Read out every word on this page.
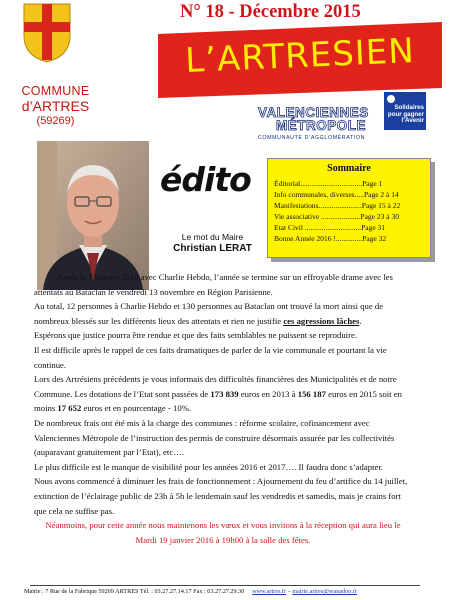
COMMUNE
d’ARTRES
(59269)
N° 18 - Décembre 2015
L’ARTRESIEN
VALENCIENNES
MÉTROPOLE
COMMUNAUTÉ D’AGGLOMÉRATION
Solidaires pour gagner l’Avenir
édito
Le mot du Maire
Christian LERAT
Sommaire
Éditorial.................................Page 1
Info communales, diverses.....Page 2 à 14
Manifestations.......................Page 15 à 22
Vie associative .....................Page 23 à 30
Etat Civil ..............................Page 31
Bonne Année 2016 !..............Page 32

Après le 7 janvier 2015 avec Charlie Hebdo, l’année se termine sur un effroyable drame avec les attentats au Bataclan le vendredi 13 novembre en Région Parisienne.

Au total, 12 personnes à Charlie Hebdo et 130 personnes au Bataclan ont trouvé la mort ainsi que de nombreux blessés sur les différents lieux des attentats et rien ne justifie ces agressions lâches.

Espérons que justice pourra être rendue et que des faits semblables ne puissent se reproduire.

Il est difficile après le rappel de ces faits dramatiques de parler de la vie communale et pourtant la vie continue.

Lors des Artrésiens précédents je vous informais des difficultés financières des Municipalités et de notre Commune. Les dotations de l’Etat sont passées de 173 839 euros en 2013 à 156 187 euros en 2015 soit en moins 17 652 euros et en pourcentage - 10%.

De nombreux frais ont été mis à la charge des communes : réforme scolaire, cofinancement avec Valenciennes Métropole de l’instruction des permis de construire désormais assurée par les collectivités (auparavant gratuitement par l’Etat), etc….

Le plus difficile est le manque de visibilité pour les années 2016 et 2017…. Il faudra donc s’adapter.

Nous avons commencé à diminuer les frais de fonctionnement : Ajournement du feu d’artifice du 14 juillet, extinction de l’éclairage public de 23h à 5h le lendemain sauf les vendredis et samedis, mais je crains fort que cela ne suffise pas.

Néanmoins, pour cette année nous maintenons les vœux et vous invitons à la réception qui aura lieu le Mardi 19 janvier 2016 à 19h00 à la salle des fêtes.

Mairie : 7 Rue de la Fabrique 59269 ARTRES Tél. : 03.27.27.14.17 Fax : 03.27.27.29.30 www.artres.fr – mairie.artres@wanadoo.fr
